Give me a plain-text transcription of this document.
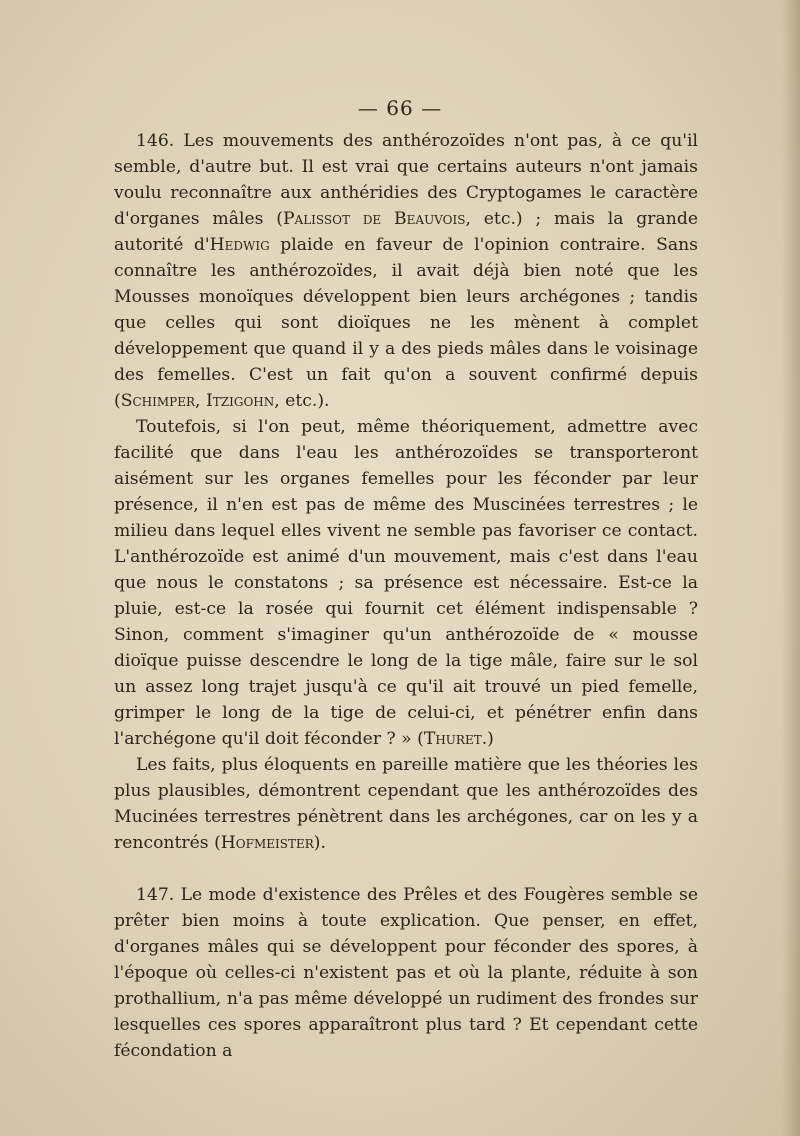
— 66 —

146. Les mouvements des anthérozoïdes n'ont pas, à ce qu'il semble, d'autre but. Il est vrai que certains auteurs n'ont jamais voulu reconnaître aux anthéridies des Cryptogames le caractère d'organes mâles (Palissot de Beauvois, etc.) ; mais la grande autorité d'Hedwig plaide en faveur de l'opinion contraire. Sans connaître les anthérozoïdes, il avait déjà bien noté que les Mousses monoïques développent bien leurs archégones ; tandis que celles qui sont dioïques ne les mènent à complet développement que quand il y a des pieds mâles dans le voisinage des femelles. C'est un fait qu'on a souvent confirmé depuis (Schimper, Itzigohn, etc.).

Toutefois, si l'on peut, même théoriquement, admettre avec facilité que dans l'eau les anthérozoïdes se transporteront aisément sur les organes femelles pour les féconder par leur présence, il n'en est pas de même des Muscinées terrestres ; le milieu dans lequel elles vivent ne semble pas favoriser ce contact. L'anthérozoïde est animé d'un mouvement, mais c'est dans l'eau que nous le constatons ; sa présence est nécessaire. Est-ce la pluie, est-ce la rosée qui fournit cet élément indispensable ? Sinon, comment s'imaginer qu'un anthérozoïde de « mousse dioïque puisse descendre le long de la tige mâle, faire sur le sol un assez long trajet jusqu'à ce qu'il ait trouvé un pied femelle, grimper le long de la tige de celui-ci, et pénétrer enfin dans l'archégone qu'il doit féconder ? » (Thuret.)

Les faits, plus éloquents en pareille matière que les théories les plus plausibles, démontrent cependant que les anthérozoïdes des Mucinées terrestres pénètrent dans les archégones, car on les y a rencontrés (Hofmeister).

147. Le mode d'existence des Prêles et des Fougères semble se prêter bien moins à toute explication. Que penser, en effet, d'organes mâles qui se développent pour féconder des spores, à l'époque où celles-ci n'existent pas et où la plante, réduite à son prothallium, n'a pas même développé un rudiment des frondes sur lesquelles ces spores apparaîtront plus tard ? Et cependant cette fécondation a
